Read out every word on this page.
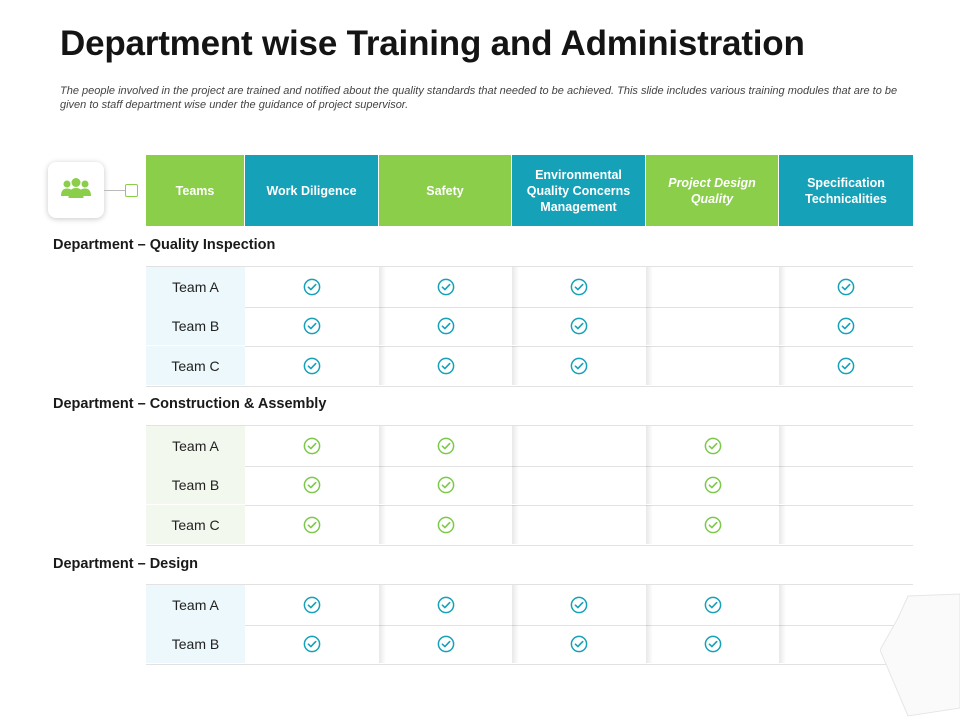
Department wise Training and Administration
The people involved in the project are trained and notified about the quality standards that needed to be achieved. This slide includes various training modules that are to be given to staff department wise under the guidance of project supervisor.
Teams	Work Diligence	Safety
Environmental Quality Concerns Management
Project Design Quality
Specification Technicalities
Department – Quality Inspection
Team A
Team B
Team C
Department – Construction & Assembly
Team A
Team B
Team C
Department – Design
Team A
Team B
